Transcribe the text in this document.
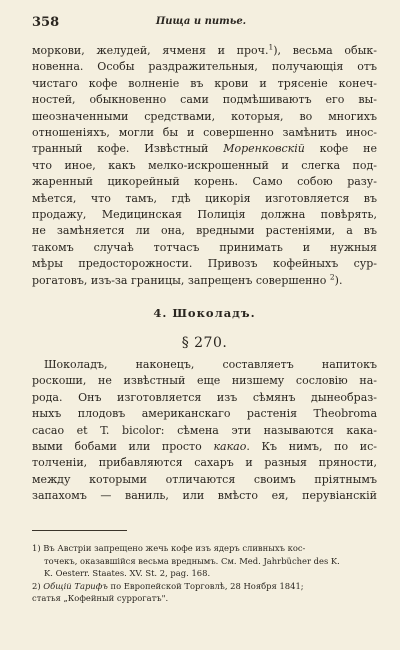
358	Пища и питье.
моркови, желудей, ячменя и проч.$^1$), весьма обык-
новенна. Особы раздражительныя, получающія отъ
чистаго кофе волненіе въ крови и трясеніе конеч-
ностей, обыкновенно сами подмѣшиваютъ его вы-
шеозначенными средствами, которыя, во многихъ
отношеніяхъ, могли бы и совершенно замѣнить инос-
транный кофе. Извѣстный Моренковскій кофе не
что иное, какъ мелко-искрошенный и слегка под-
жаренный цикорейный корень. Само собою разу-
мѣется, что тамъ, гдѣ цикорія изготовляется въ
продажу, Медицинская Полиція должна повѣрять,
не замѣняется ли она, вредными растеніями, а въ
такомъ случаѣ тотчасъ принимать и нужныя
мѣры предосторожности. Привозъ кофейныхъ сур-
рогатовъ, изъ-за границы, запрещенъ совершенно $^2$).
4. Шоколадъ.
§ 270.
Шоколадъ, наконецъ, составляетъ напитокъ
роскоши, не извѣстный еще низшему сословію на-
рода. Онъ изготовляется изъ сѣмянъ дынеобраз-
ныхъ плодовъ американскаго растенія Theobroma
cacao et T. bicolor: сѣмена эти называются кака-
выми бобами или просто какао. Къ нимъ, по ис-
толченіи, прибавляются сахаръ и разныя пряности,
между которыми отличаются своимъ пріятнымъ
запахомъ — ваниль, или вмѣсто ея, перувіанскій
1) Въ Австріи запрещено жечь кофе изъ ядеръ сливныхъ кос-
точекъ, оказавшійся весьма вреднымъ. См. Med. Jahrbücher des K.
K. Oesterr. Staates. XV. St. 2, pag. 168.
2) Общій Тарифъ по Европейской Торговлѣ, 28 Ноября 1841;
статья „Кофейный суррогатъ".
